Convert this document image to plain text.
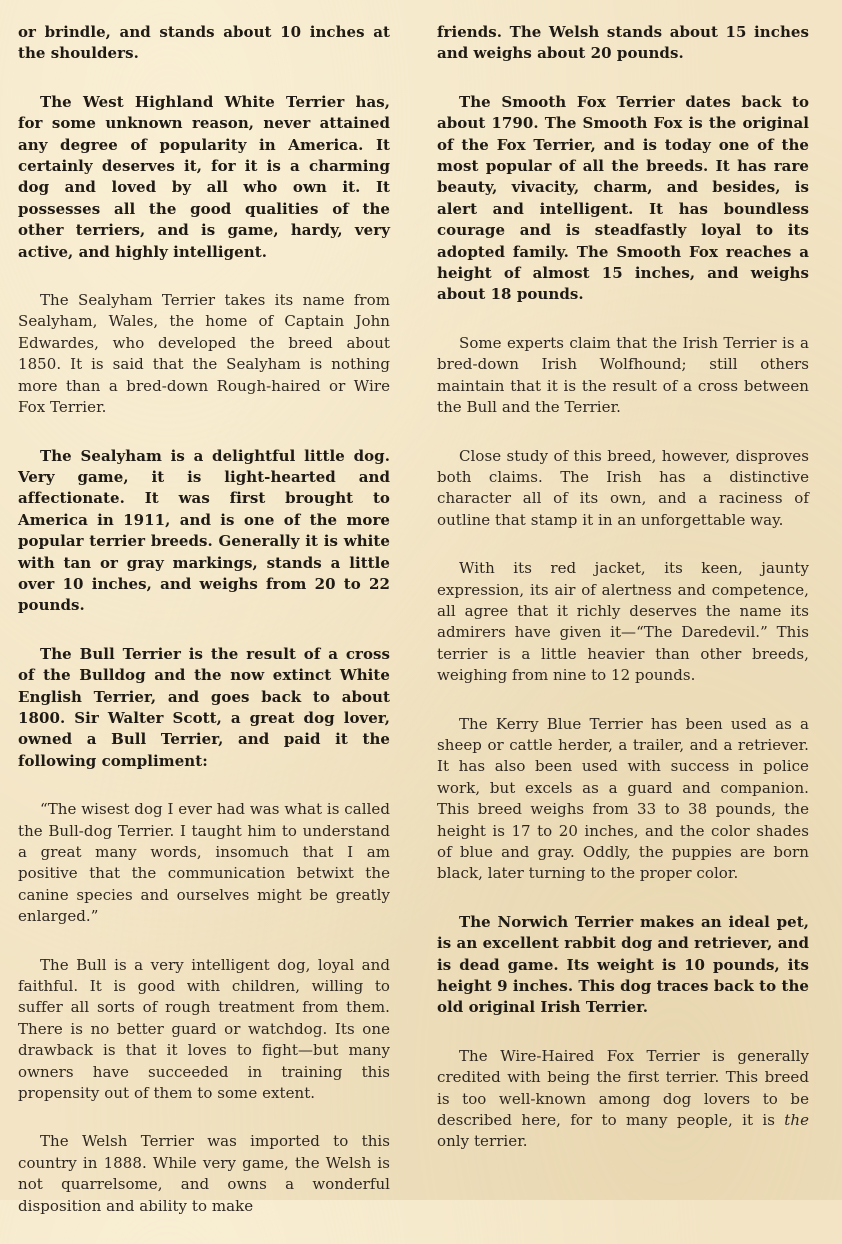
or brindle, and stands about 10 inches at the shoulders.

The West Highland White Terrier has, for some unknown reason, never attained any degree of popularity in America. It certainly deserves it, for it is a charming dog and loved by all who own it. It possesses all the good qualities of the other terriers, and is game, hardy, very active, and highly intelligent.

The Sealyham Terrier takes its name from Sealyham, Wales, the home of Captain John Edwardes, who developed the breed about 1850. It is said that the Sealyham is nothing more than a bred-down Rough-haired or Wire Fox Terrier.

The Sealyham is a delightful little dog. Very game, it is light-hearted and affectionate. It was first brought to America in 1911, and is one of the more popular terrier breeds. Generally it is white with tan or gray markings, stands a little over 10 inches, and weighs from 20 to 22 pounds.

The Bull Terrier is the result of a cross of the Bulldog and the now extinct White English Terrier, and goes back to about 1800. Sir Walter Scott, a great dog lover, owned a Bull Terrier, and paid it the following compliment:

“The wisest dog I ever had was what is called the Bull-dog Terrier. I taught him to understand a great many words, insomuch that I am positive that the communication betwixt the canine species and ourselves might be greatly enlarged.”

The Bull is a very intelligent dog, loyal and faithful. It is good with children, willing to suffer all sorts of rough treatment from them. There is no better guard or watchdog. Its one drawback is that it loves to fight—but many owners have succeeded in training this propensity out of them to some extent.

The Welsh Terrier was imported to this country in 1888. While very game, the Welsh is not quarrelsome, and owns a wonderful disposition and ability to make

friends. The Welsh stands about 15 inches and weighs about 20 pounds.

The Smooth Fox Terrier dates back to about 1790. The Smooth Fox is the original of the Fox Terrier, and is today one of the most popular of all the breeds. It has rare beauty, vivacity, charm, and besides, is alert and intelligent. It has boundless courage and is steadfastly loyal to its adopted family. The Smooth Fox reaches a height of almost 15 inches, and weighs about 18 pounds.

Some experts claim that the Irish Terrier is a bred-down Irish Wolfhound; still others maintain that it is the result of a cross between the Bull and the Terrier.

Close study of this breed, however, disproves both claims. The Irish has a distinctive character all of its own, and a raciness of outline that stamp it in an unforgettable way.

With its red jacket, its keen, jaunty expression, its air of alertness and competence, all agree that it richly deserves the name its admirers have given it—“The Daredevil.” This terrier is a little heavier than other breeds, weighing from nine to 12 pounds.

The Kerry Blue Terrier has been used as a sheep or cattle herder, a trailer, and a retriever. It has also been used with success in police work, but excels as a guard and companion. This breed weighs from 33 to 38 pounds, the height is 17 to 20 inches, and the color shades of blue and gray. Oddly, the puppies are born black, later turning to the proper color.

The Norwich Terrier makes an ideal pet, is an excellent rabbit dog and retriever, and is dead game. Its weight is 10 pounds, its height 9 inches. This dog traces back to the old original Irish Terrier.

The Wire-Haired Fox Terrier is generally credited with being the first terrier. This breed is too well-known among dog lovers to be described here, for to many people, it is the only terrier.
